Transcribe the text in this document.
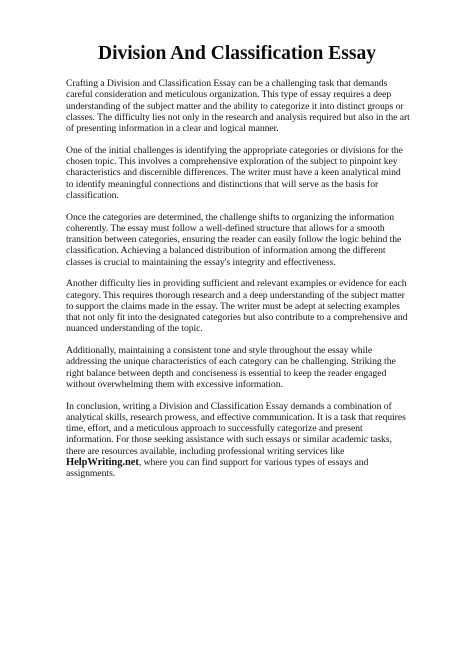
Division And Classification Essay

Crafting a Division and Classification Essay can be a challenging task that demands careful consideration and meticulous organization. This type of essay requires a deep understanding of the subject matter and the ability to categorize it into distinct groups or classes. The difficulty lies not only in the research and analysis required but also in the art of presenting information in a clear and logical manner.

One of the initial challenges is identifying the appropriate categories or divisions for the chosen topic. This involves a comprehensive exploration of the subject to pinpoint key characteristics and discernible differences. The writer must have a keen analytical mind to identify meaningful connections and distinctions that will serve as the basis for classification.

Once the categories are determined, the challenge shifts to organizing the information coherently. The essay must follow a well-defined structure that allows for a smooth transition between categories, ensuring the reader can easily follow the logic behind the classification. Achieving a balanced distribution of information among the different classes is crucial to maintaining the essay's integrity and effectiveness.

Another difficulty lies in providing sufficient and relevant examples or evidence for each category. This requires thorough research and a deep understanding of the subject matter to support the claims made in the essay. The writer must be adept at selecting examples that not only fit into the designated categories but also contribute to a comprehensive and nuanced understanding of the topic.

Additionally, maintaining a consistent tone and style throughout the essay while addressing the unique characteristics of each category can be challenging. Striking the right balance between depth and conciseness is essential to keep the reader engaged without overwhelming them with excessive information.

In conclusion, writing a Division and Classification Essay demands a combination of analytical skills, research prowess, and effective communication. It is a task that requires time, effort, and a meticulous approach to successfully categorize and present information. For those seeking assistance with such essays or similar academic tasks, there are resources available, including professional writing services like HelpWriting.net, where you can find support for various types of essays and assignments.
